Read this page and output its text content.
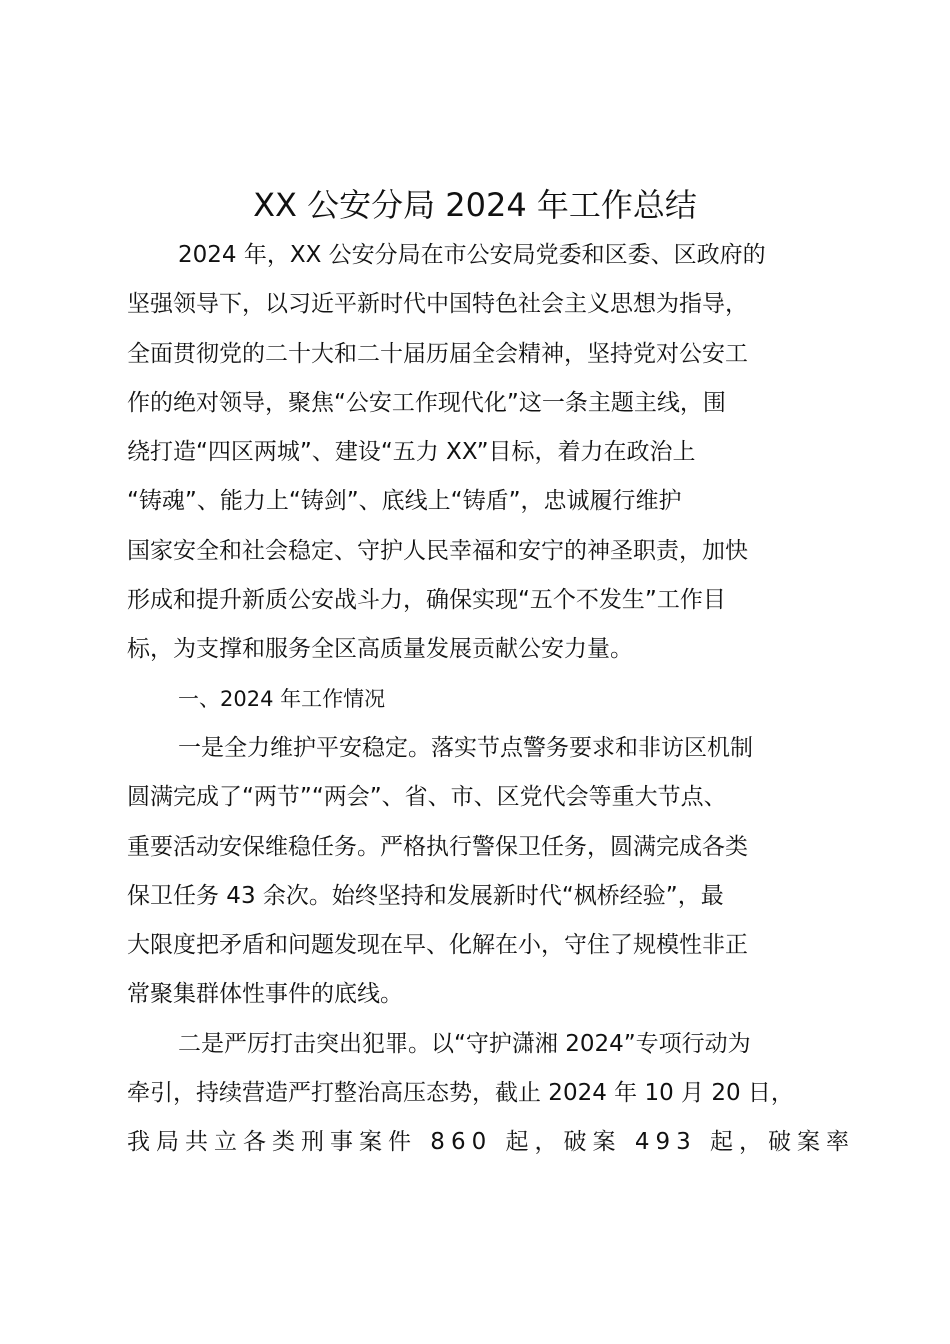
XX 公安分局 2024 年工作总结
2024 年，XX 公安分局在市公安局党委和区委、区政府的
坚强领导下，以习近平新时代中国特色社会主义思想为指导，
全面贯彻党的二十大和二十届历届全会精神，坚持党对公安工
作的绝对领导，聚焦“公安工作现代化”这一条主题主线，围
绕打造“四区两城”、建设“五力 XX”目标，着力在政治上
“铸魂”、能力上“铸剑”、底线上“铸盾”，忠诚履行维护
国家安全和社会稳定、守护人民幸福和安宁的神圣职责，加快
形成和提升新质公安战斗力，确保实现“五个不发生”工作目
标，为支撑和服务全区高质量发展贡献公安力量。
一、2024 年工作情况
一是全力维护平安稳定。落实节点警务要求和非访区机制
圆满完成了“两节”“两会”、省、市、区党代会等重大节点、
重要活动安保维稳任务。严格执行警保卫任务，圆满完成各类
保卫任务 43 余次。始终坚持和发展新时代“枫桥经验”，最
大限度把矛盾和问题发现在早、化解在小，守住了规模性非正
常聚集群体性事件的底线。
二是严厉打击突出犯罪。以“守护潇湘 2024”专项行动为
牵引，持续营造严打整治高压态势，截止 2024 年 10 月 20 日，
我局共立各类刑事案件 860 起，破案 493 起，破案率
